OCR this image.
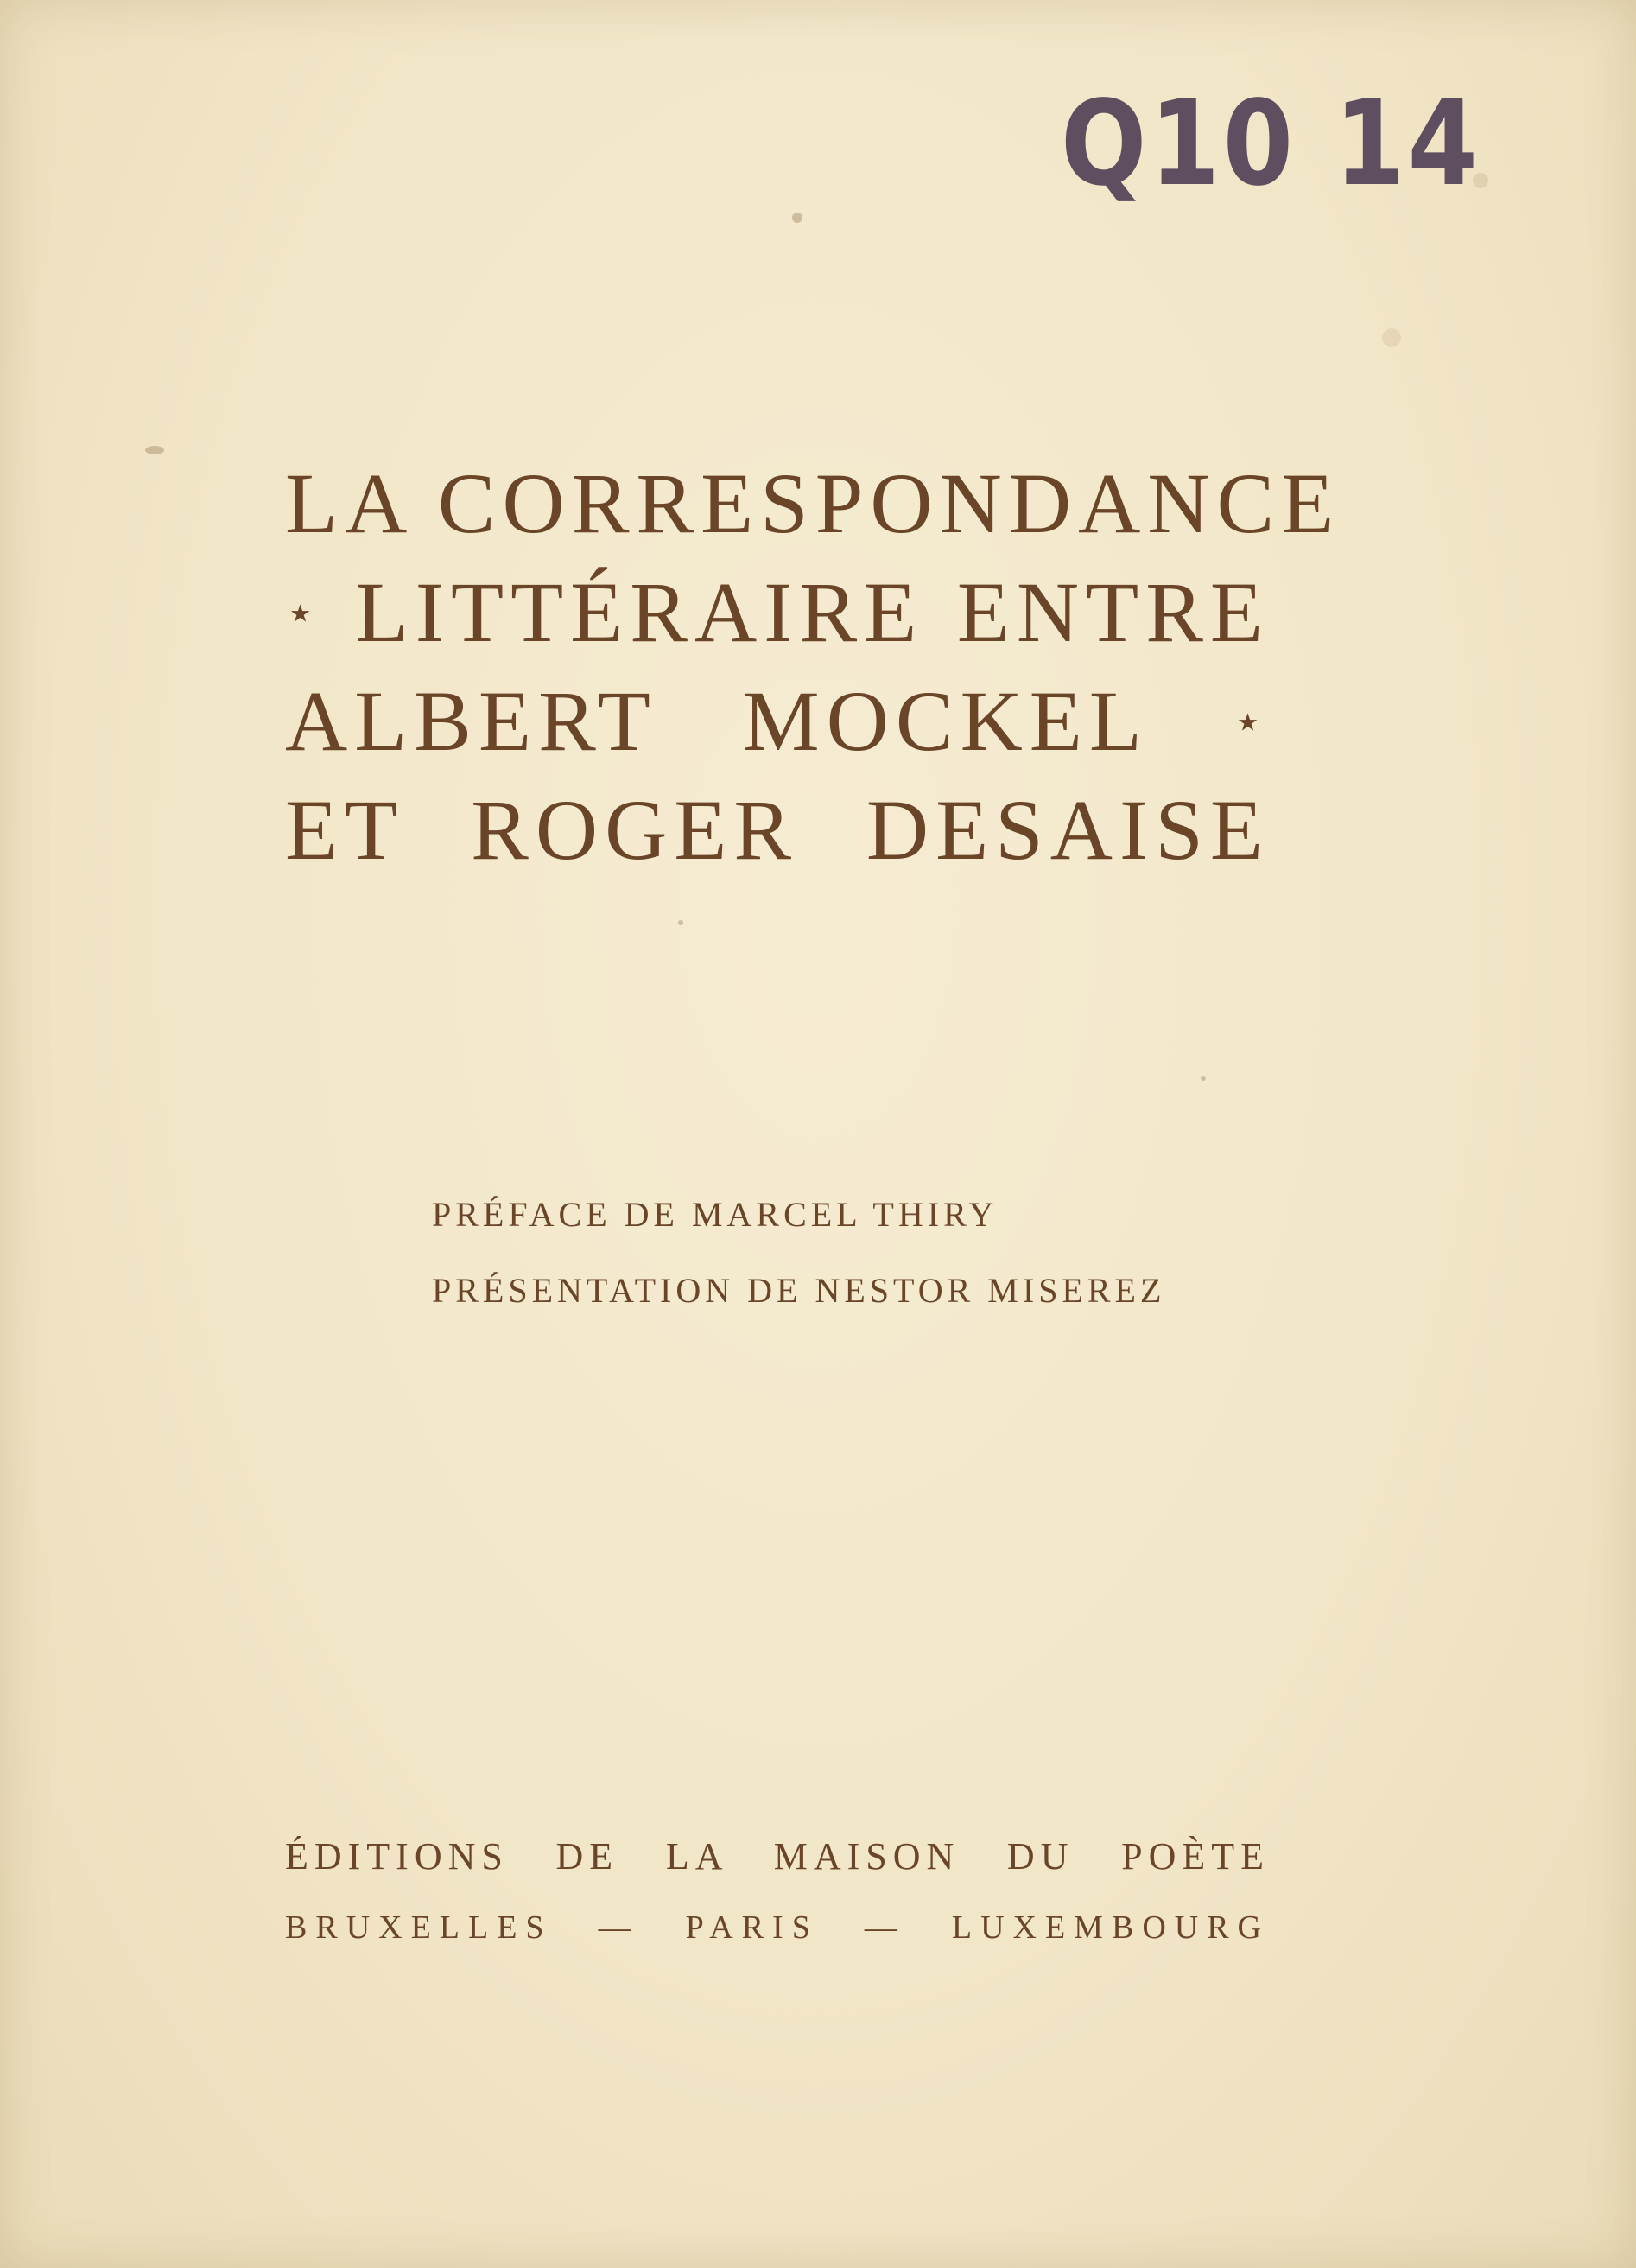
Q10 14
LA CORRESPONDANCE
⋆ LITTÉRAIRE ENTRE
ALBERT MOCKEL ⋆
ET ROGER DESAISE
PRÉFACE DE MARCEL THIRY
PRÉSENTATION DE NESTOR MISEREZ
ÉDITIONS DE LA MAISON DU POÈTE
BRUXELLES — PARIS — LUXEMBOURG
